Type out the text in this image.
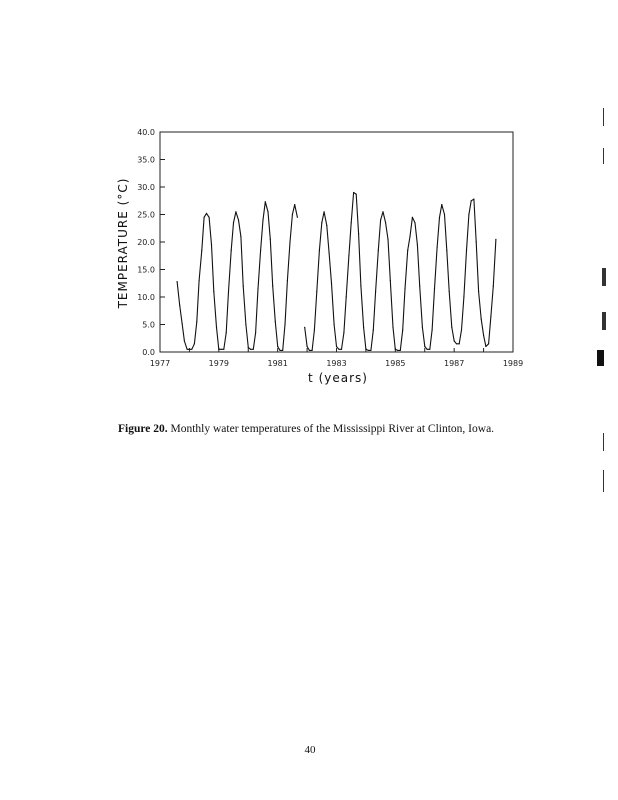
0.0
5.0
10.0
15.0
20.0
25.0
30.0
35.0
40.0
1977	1979	1981	1983	1985	1987	1989
TEMPERATURE (°C)
t (years)
Figure 20. Monthly water temperatures of the Mississippi River at Clinton, Iowa.
40
